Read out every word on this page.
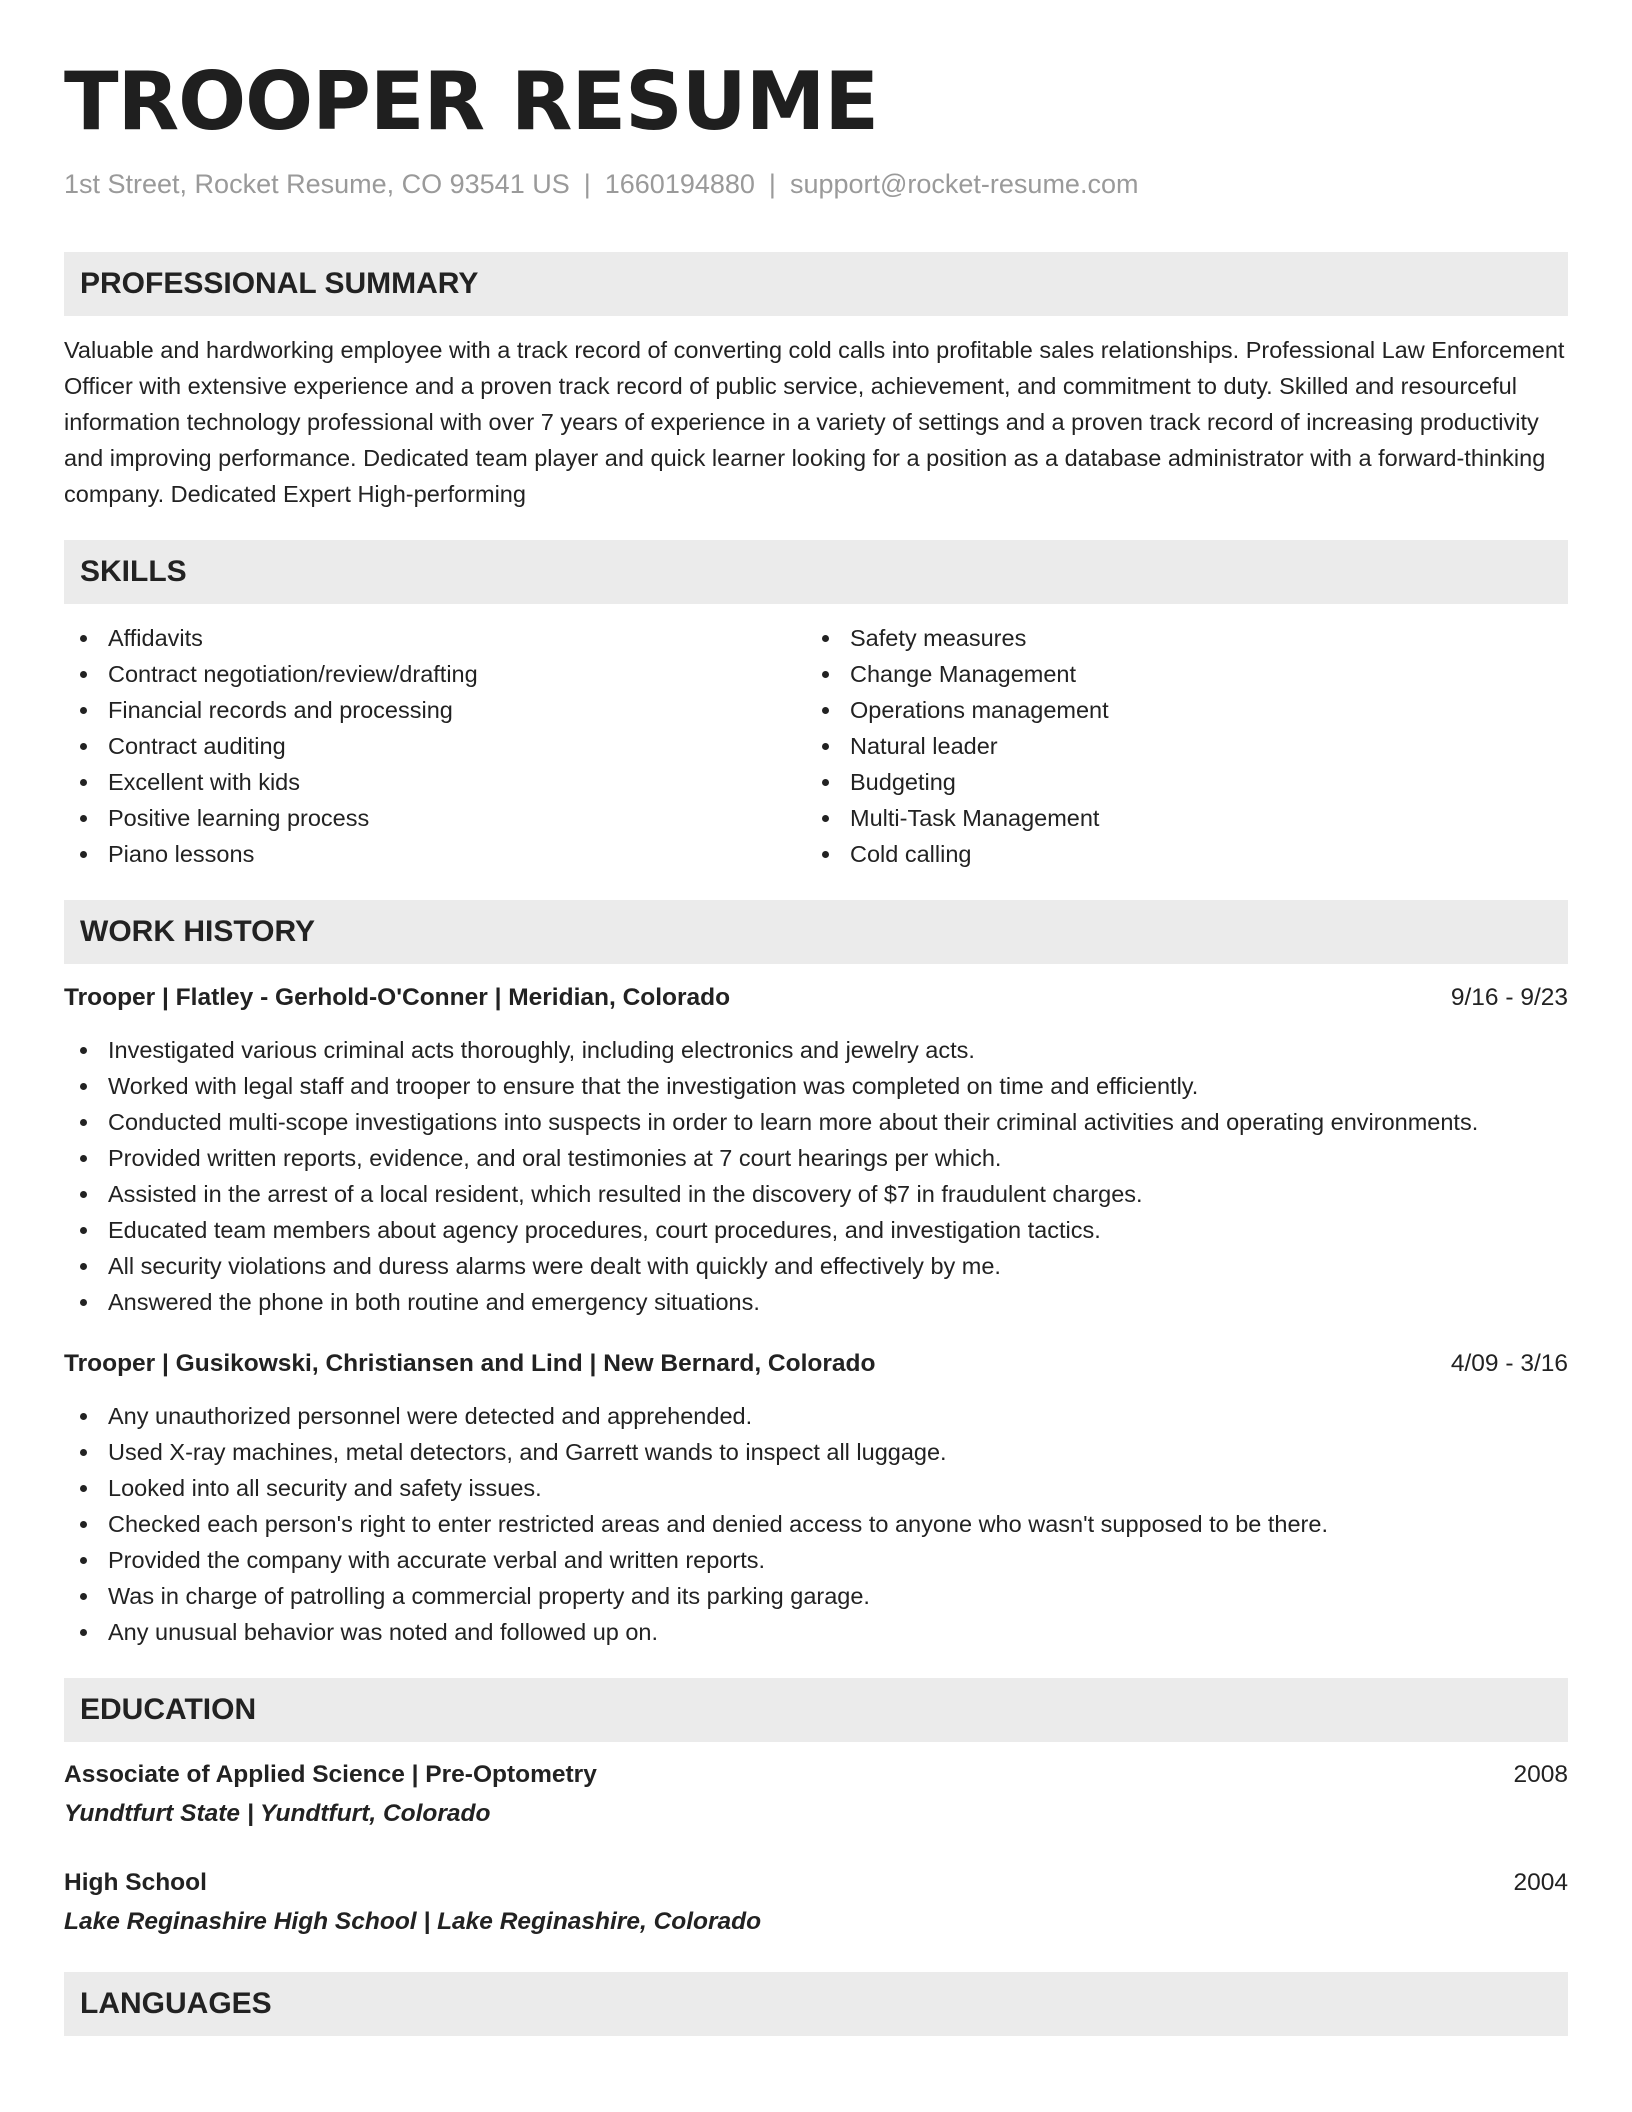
TROOPER RESUME
1st Street, Rocket Resume, CO 93541 US | 1660194880 | support@rocket-resume.com
PROFESSIONAL SUMMARY

Valuable and hardworking employee with a track record of converting cold calls into profitable sales relationships. Professional Law Enforcement Officer with extensive experience and a proven track record of public service, achievement, and commitment to duty. Skilled and resourceful information technology professional with over 7 years of experience in a variety of settings and a proven track record of increasing productivity and improving performance. Dedicated team player and quick learner looking for a position as a database administrator with a forward-thinking company. Dedicated Expert High-performing

SKILLS
Affidavits
Contract negotiation/review/drafting
Financial records and processing
Contract auditing
Excellent with kids
Positive learning process
Piano lessons
Safety measures
Change Management
Operations management
Natural leader
Budgeting
Multi-Task Management
Cold calling
WORK HISTORY
Trooper | Flatley - Gerhold-O'Conner | Meridian, Colorado	9/16 - 9/23
Investigated various criminal acts thoroughly, including electronics and jewelry acts.
Worked with legal staff and trooper to ensure that the investigation was completed on time and efficiently.
Conducted multi-scope investigations into suspects in order to learn more about their criminal activities and operating environments.
Provided written reports, evidence, and oral testimonies at 7 court hearings per which.
Assisted in the arrest of a local resident, which resulted in the discovery of $7 in fraudulent charges.
Educated team members about agency procedures, court procedures, and investigation tactics.
All security violations and duress alarms were dealt with quickly and effectively by me.
Answered the phone in both routine and emergency situations.
Trooper | Gusikowski, Christiansen and Lind | New Bernard, Colorado	4/09 - 3/16
Any unauthorized personnel were detected and apprehended.
Used X-ray machines, metal detectors, and Garrett wands to inspect all luggage.
Looked into all security and safety issues.
Checked each person's right to enter restricted areas and denied access to anyone who wasn't supposed to be there.
Provided the company with accurate verbal and written reports.
Was in charge of patrolling a commercial property and its parking garage.
Any unusual behavior was noted and followed up on.
EDUCATION
Associate of Applied Science | Pre-Optometry	2008
Yundtfurt State | Yundtfurt, Colorado
High School	2004
Lake Reginashire High School | Lake Reginashire, Colorado
LANGUAGES
